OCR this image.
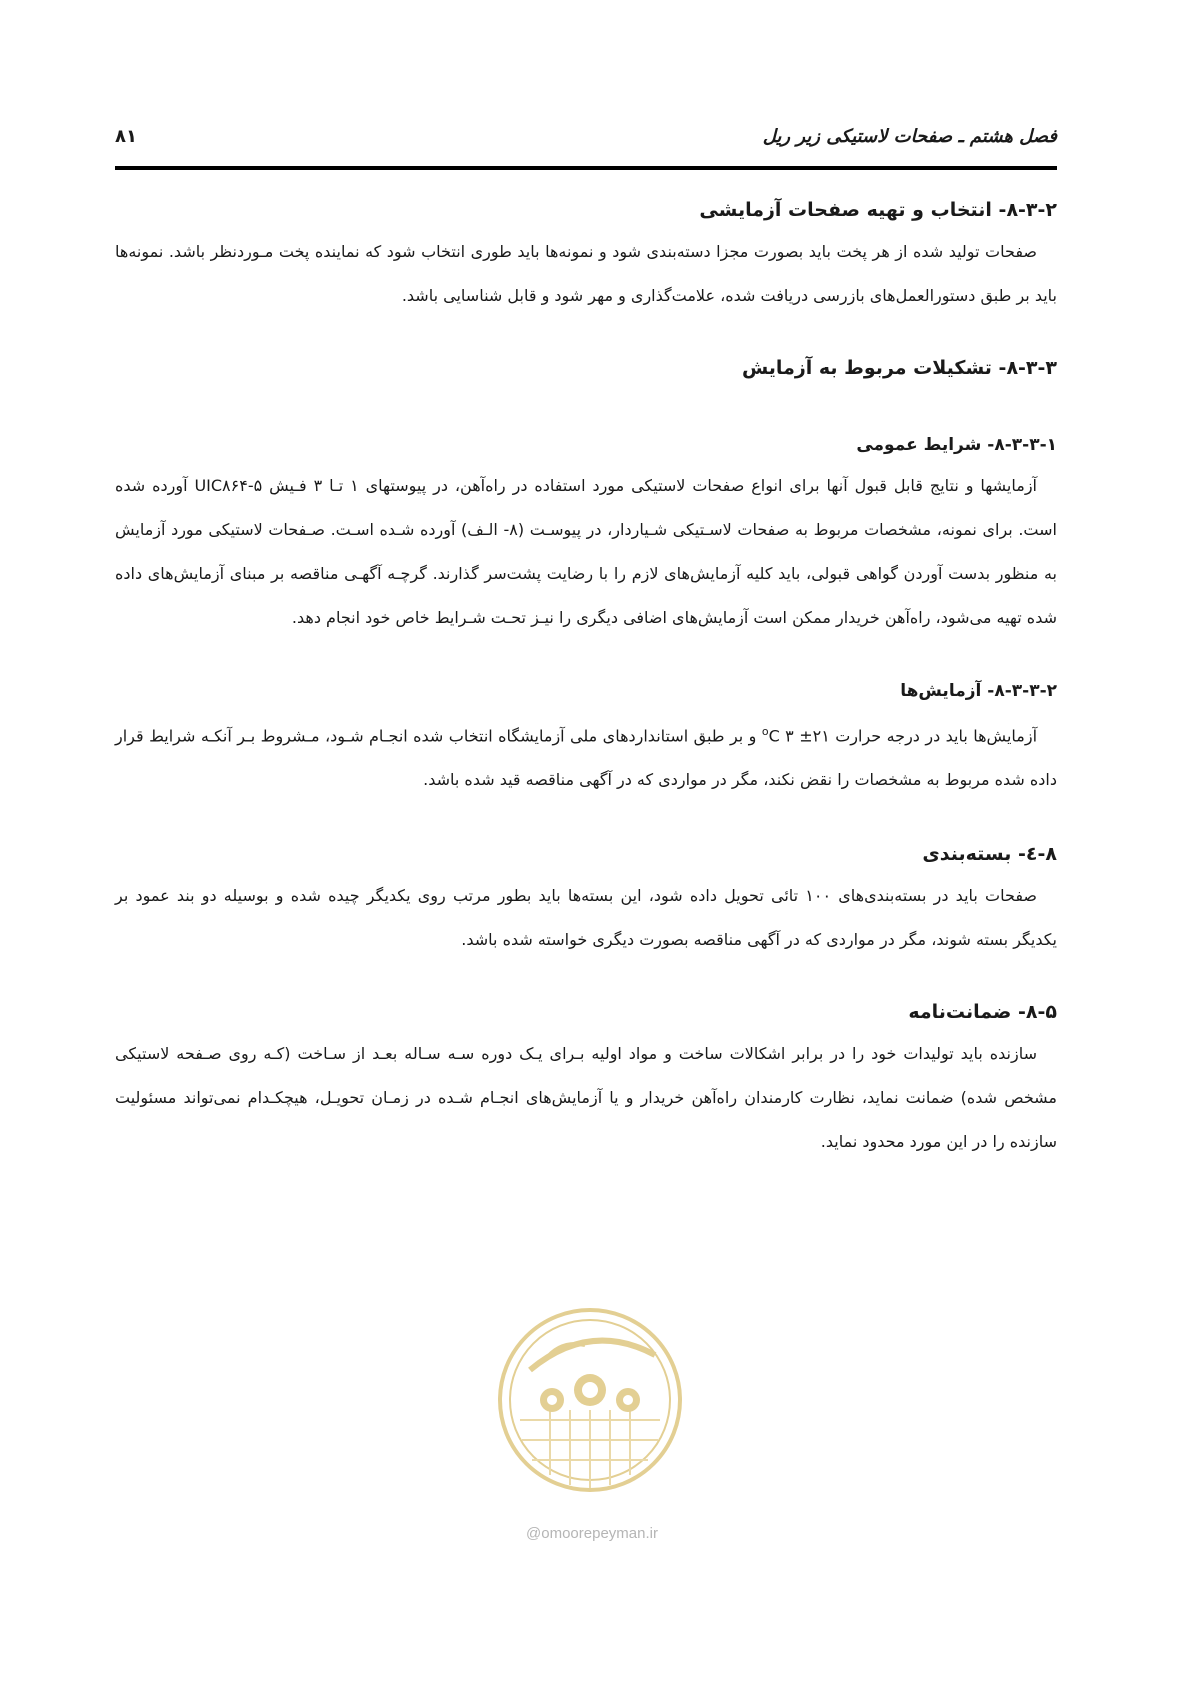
فصل هشتم ـ صفحات لاستیکی زیر ریل
۸۱
۸-۳-۲- انتخاب و تهیه صفحات آزمایشی

صفحات تولید شده از هر پخت باید بصورت مجزا دسته‌بندی شود و نمونه‌ها باید طوری انتخاب شود که نماینده پخت مـوردنظر باشد. نمونه‌ها باید بر طبق دستورالعمل‌های بازرسی دریافت شده، علامت‌گذاری و مهر شود و قابل شناسایی باشد.

۸-۳-۳- تشکیلات مربوط به آزمایش
۸-۳-۳-۱- شرایط عمومی

آزمایشها و نتایج قابل قبول آنها برای انواع صفحات لاستیکی مورد استفاده در راه‌آهن، در پیوستهای ۱ تـا ۳ فـیش UIC۸۶۴-۵ آورده شده است. برای نمونه، مشخصات مربوط به صفحات لاسـتیکی شـیاردار، در پیوسـت (۸- الـف) آورده شـده اسـت. صـفحات لاستیکی مورد آزمایش به منظور بدست آوردن گواهی قبولی، باید کلیه آزمایش‌های لازم را با رضایت پشت‌سر گذارند. گرچـه آگهـی مناقصه بر مبنای آزمایش‌های داده شده تهیه می‌شود، راه‌آهن خریدار ممکن است آزمایش‌های اضافی دیگری را نیـز تحـت شـرایط خاص خود انجام دهد.

۸-۳-۳-۲- آزمایش‌ها

آزمایش‌ها باید در درجه حرارت $^o$C ۳ ±۲۱ و بر طبق استانداردهای ملی آزمایشگاه انتخاب شده انجـام شـود، مـشروط بـر آنکـه شرایط قرار داده شده مربوط به مشخصات را نقض نکند، مگر در مواردی که در آگهی مناقصه قید شده باشد.

۸-٤- بسته‌بندی

صفحات باید در بسته‌بندی‌های ۱۰۰ تائی تحویل داده شود، این بسته‌ها باید بطور مرتب روی یکدیگر چیده شده و بوسیله دو بند عمود بر یکدیگر بسته شوند، مگر در مواردی که در آگهی مناقصه بصورت دیگری خواسته شده باشد.

۸-۵- ضمانت‌نامه

سازنده باید تولیدات خود را در برابر اشکالات ساخت و مواد اولیه بـرای یـک دوره سـه سـاله بعـد از سـاخت (کـه روی صـفحه لاستیکی مشخص شده) ضمانت نماید، نظارت کارمندان راه‌آهن خریدار و یا آزمایش‌های انجـام شـده در زمـان تحویـل، هیچکـدام نمی‌تواند مسئولیت سازنده را در این مورد محدود نماید.

@omoorepeyman.ir
